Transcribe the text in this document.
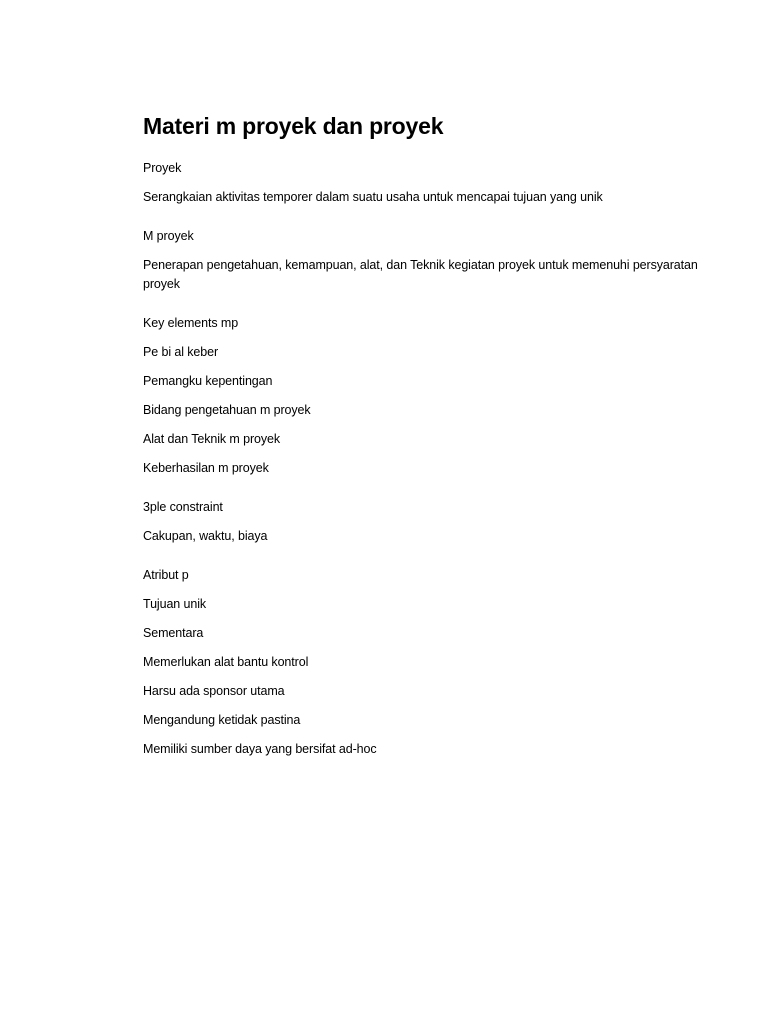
Materi m proyek dan proyek

Proyek

Serangkaian aktivitas temporer dalam suatu usaha untuk mencapai tujuan yang unik

M proyek

Penerapan pengetahuan, kemampuan, alat, dan Teknik kegiatan proyek untuk memenuhi persyaratan proyek

Key elements mp

Pe bi al keber

Pemangku kepentingan

Bidang pengetahuan m proyek

Alat dan Teknik m proyek

Keberhasilan m proyek

3ple constraint

Cakupan, waktu, biaya

Atribut p

Tujuan unik

Sementara

Memerlukan alat bantu kontrol

Harsu ada sponsor utama

Mengandung ketidak pastina

Memiliki sumber daya yang bersifat ad-hoc
